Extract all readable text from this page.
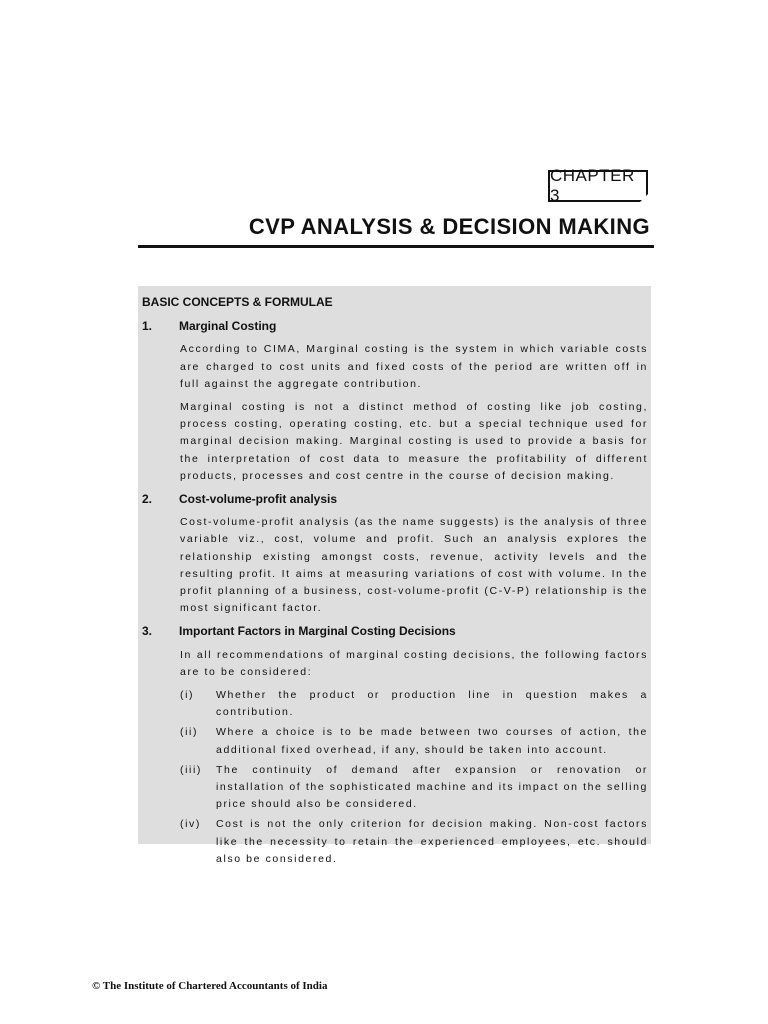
CHAPTER 3
CVP ANALYSIS & DECISION MAKING
BASIC CONCEPTS & FORMULAE
1.	Marginal Costing
According to CIMA, Marginal costing is the system in which variable costs are charged to cost units and fixed costs of the period are written off in full against the aggregate contribution.
Marginal costing is not a distinct method of costing like job costing, process costing, operating costing, etc. but a special technique used for marginal decision making. Marginal costing is used to provide a basis for the interpretation of cost data to measure the profitability of different products, processes and cost centre in the course of decision making.
2.	Cost-volume-profit analysis
Cost-volume-profit analysis (as the name suggests) is the analysis of three variable viz., cost, volume and profit. Such an analysis explores the relationship existing amongst costs, revenue, activity levels and the resulting profit. It aims at measuring variations of cost with volume. In the profit planning of a business, cost-volume-profit (C-V-P) relationship is the most significant factor.
3.	Important Factors in Marginal Costing Decisions
In all recommendations of marginal costing decisions, the following factors are to be considered:
(i)	Whether the product or production line in question makes a contribution.
(ii)	Where a choice is to be made between two courses of action, the additional fixed overhead, if any, should be taken into account.
(iii)	The continuity of demand after expansion or renovation or installation of the sophisticated machine and its impact on the selling price should also be considered.
(iv)	Cost is not the only criterion for decision making. Non-cost factors like the necessity to retain the experienced employees, etc. should also be considered.
© The Institute of Chartered Accountants of India
